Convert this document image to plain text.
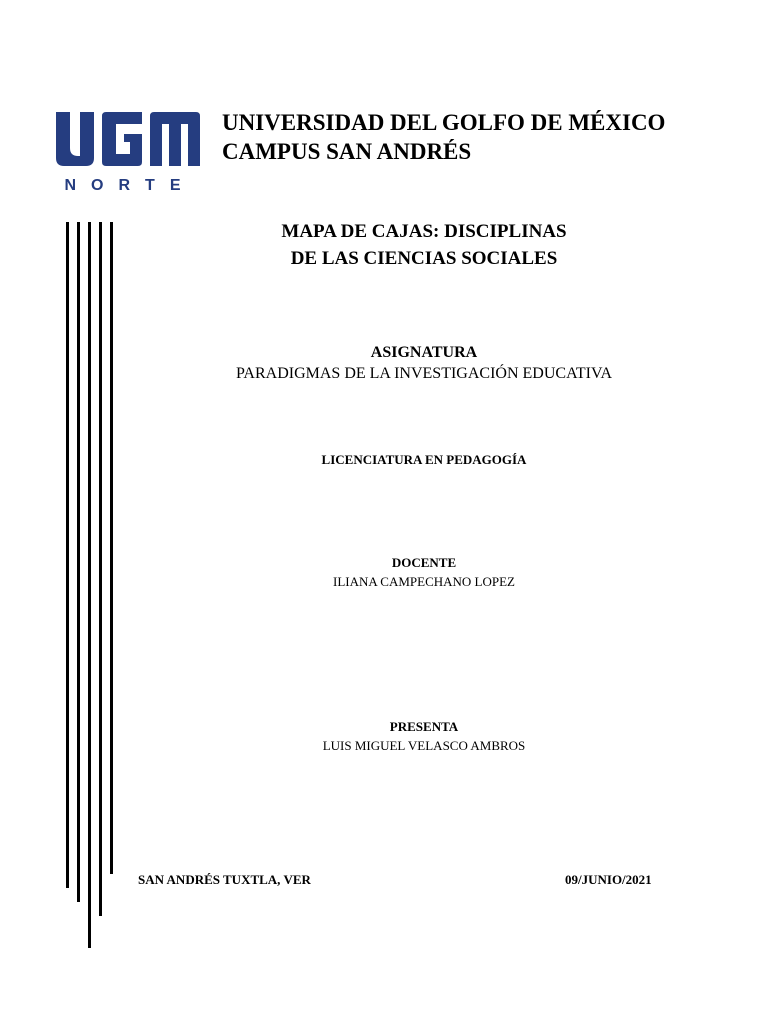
NORTE
UNIVERSIDAD DEL GOLFO DE MÉXICO
CAMPUS SAN ANDRÉS
MAPA DE CAJAS: DISCIPLINAS
DE LAS CIENCIAS SOCIALES
ASIGNATURA
PARADIGMAS DE LA INVESTIGACIÓN EDUCATIVA
LICENCIATURA EN PEDAGOGÍA
DOCENTE
ILIANA CAMPECHANO LOPEZ
PRESENTA
LUIS MIGUEL VELASCO AMBROS
SAN ANDRÉS TUXTLA, VER	09/JUNIO/2021
